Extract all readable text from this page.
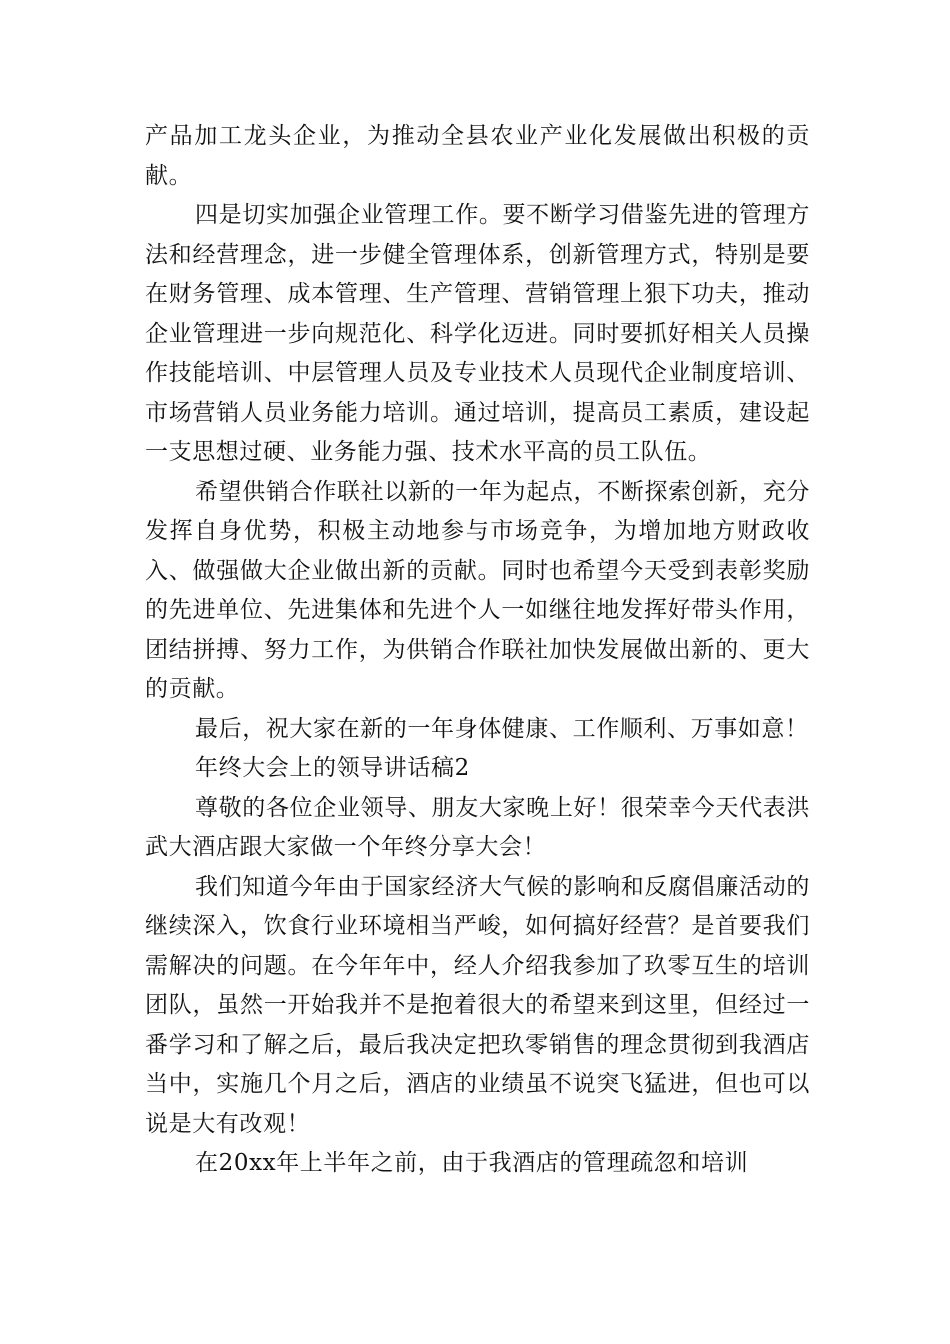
产品加工龙头企业，为推动全县农业产业化发展做出积极的贡献。

四是切实加强企业管理工作。要不断学习借鉴先进的管理方法和经营理念，进一步健全管理体系，创新管理方式，特别是要在财务管理、成本管理、生产管理、营销管理上狠下功夫，推动企业管理进一步向规范化、科学化迈进。同时要抓好相关人员操作技能培训、中层管理人员及专业技术人员现代企业制度培训、市场营销人员业务能力培训。通过培训，提高员工素质，建设起一支思想过硬、业务能力强、技术水平高的员工队伍。

希望供销合作联社以新的一年为起点，不断探索创新，充分发挥自身优势，积极主动地参与市场竞争，为增加地方财政收入、做强做大企业做出新的贡献。同时也希望今天受到表彰奖励的先进单位、先进集体和先进个人一如继往地发挥好带头作用，团结拼搏、努力工作，为供销合作联社加快发展做出新的、更大的贡献。

最后，祝大家在新的一年身体健康、工作顺利、万事如意！

年终大会上的领导讲话稿2

尊敬的各位企业领导、朋友大家晚上好！很荣幸今天代表洪武大酒店跟大家做一个年终分享大会！

我们知道今年由于国家经济大气候的影响和反腐倡廉活动的继续深入，饮食行业环境相当严峻，如何搞好经营？是首要我们需解决的问题。在今年年中，经人介绍我参加了玖零互生的培训团队，虽然一开始我并不是抱着很大的希望来到这里，但经过一番学习和了解之后，最后我决定把玖零销售的理念贯彻到我酒店当中，实施几个月之后，酒店的业绩虽不说突飞猛进，但也可以说是大有改观！

在20xx年上半年之前，由于我酒店的管理疏忽和培训
